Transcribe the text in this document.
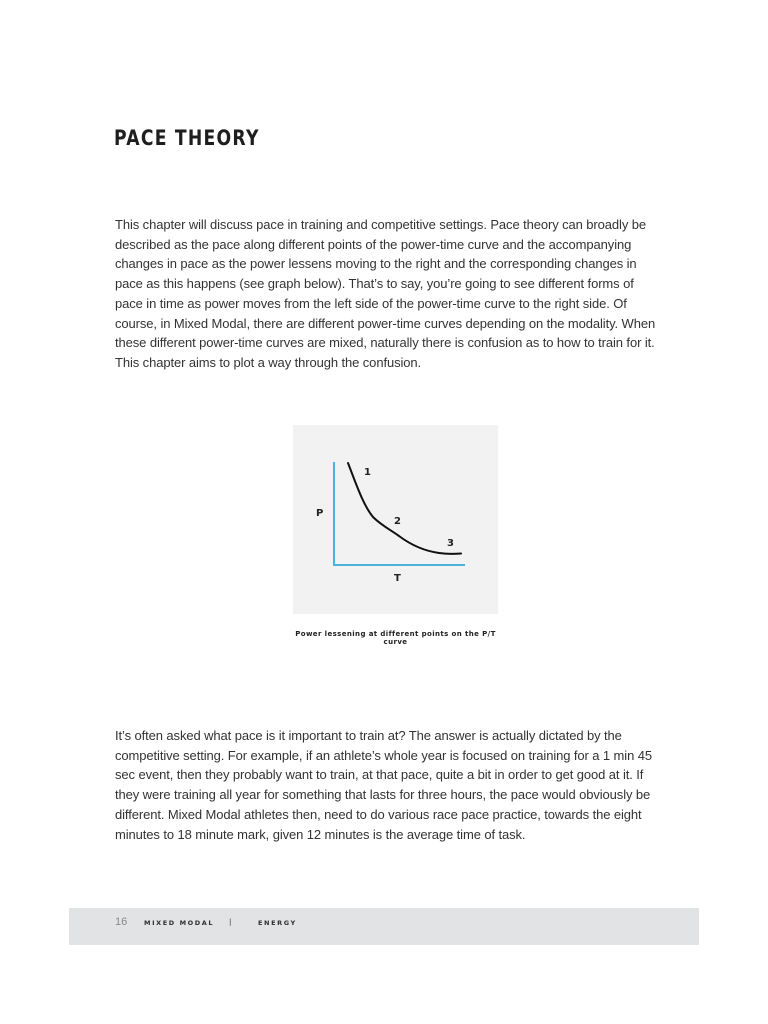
PACE THEORY

This chapter will discuss pace in training and competitive settings. Pace theory can broadly be described as the pace along different points of the power-time curve and the accompanying changes in pace as the power lessens moving to the right and the corresponding changes in pace as this happens (see graph below). That’s to say, you’re going to see different forms of pace in time as power moves from the left side of the power-time curve to the right side. Of course, in Mixed Modal, there are different power-time curves depending on the modality. When these different power-time curves are mixed, naturally there is confusion as to how to train for it. This chapter aims to plot a way through the confusion.

P
T
1
2
3

Power lessening at different points on the P/T curve

It’s often asked what pace is it important to train at? The answer is actually dictated by the competitive setting. For example, if an athlete’s whole year is focused on training for a 1 min 45 sec event, then they probably want to train, at that pace, quite a bit in order to get good at it. If they were training all year for something that lasts for three hours, the pace would obviously be different. Mixed Modal athletes then, need to do various race pace practice, towards the eight minutes to 18 minute mark, given 12 minutes is the average time of task.

16	MIXED MODAL |	ENERGY
